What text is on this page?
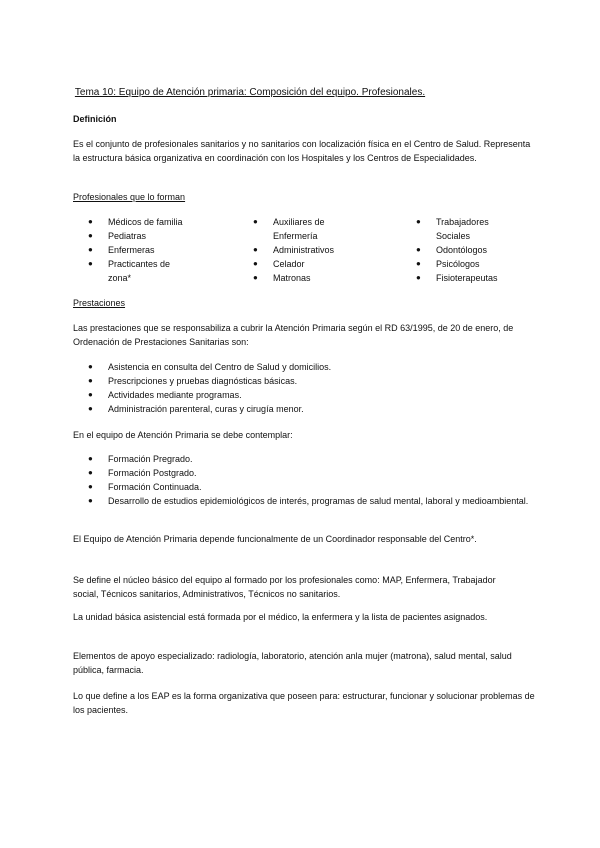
Tema 10: Equipo de Atención primaria: Composición del equipo. Profesionales.
Definición

Es el conjunto de profesionales sanitarios y no sanitarios con localización física en el Centro de Salud. Representa la estructura básica organizativa en coordinación con los Hospitales y los Centros de Especialidades.

Profesionales que lo forman
● Médicos de familia
● Pediatras
● Enfermeras
● Practicantes de zona*
● Auxiliares de Enfermería
● Administrativos
● Celador
● Matronas
● Trabajadores Sociales
● Odontólogos
● Psicólogos
● Fisioterapeutas
Prestaciones

Las prestaciones que se responsabiliza a cubrir la Atención Primaria según el RD 63/1995, de 20 de enero, de Ordenación de Prestaciones Sanitarias son:

● Asistencia en consulta del Centro de Salud y domicilios.
● Prescripciones y pruebas diagnósticas básicas.
● Actividades mediante programas.
● Administración parenteral, curas y cirugía menor.

En el equipo de Atención Primaria se debe contemplar:

● Formación Pregrado.
● Formación Postgrado.
● Formación Continuada.
● Desarrollo de estudios epidemiológicos de interés, programas de salud mental, laboral y medioambiental.

El Equipo de Atención Primaria depende funcionalmente de un Coordinador responsable del Centro*.

Se define el núcleo básico del equipo al formado por los profesionales como: MAP, Enfermera, Trabajador social, Técnicos sanitarios, Administrativos, Técnicos no sanitarios.

La unidad básica asistencial está formada por el médico, la enfermera y la lista de pacientes asignados.

Elementos de apoyo especializado: radiología, laboratorio, atención anla mujer (matrona), salud mental, salud pública, farmacia.

Lo que define a los EAP es la forma organizativa que poseen para: estructurar, funcionar y solucionar problemas de los pacientes.
